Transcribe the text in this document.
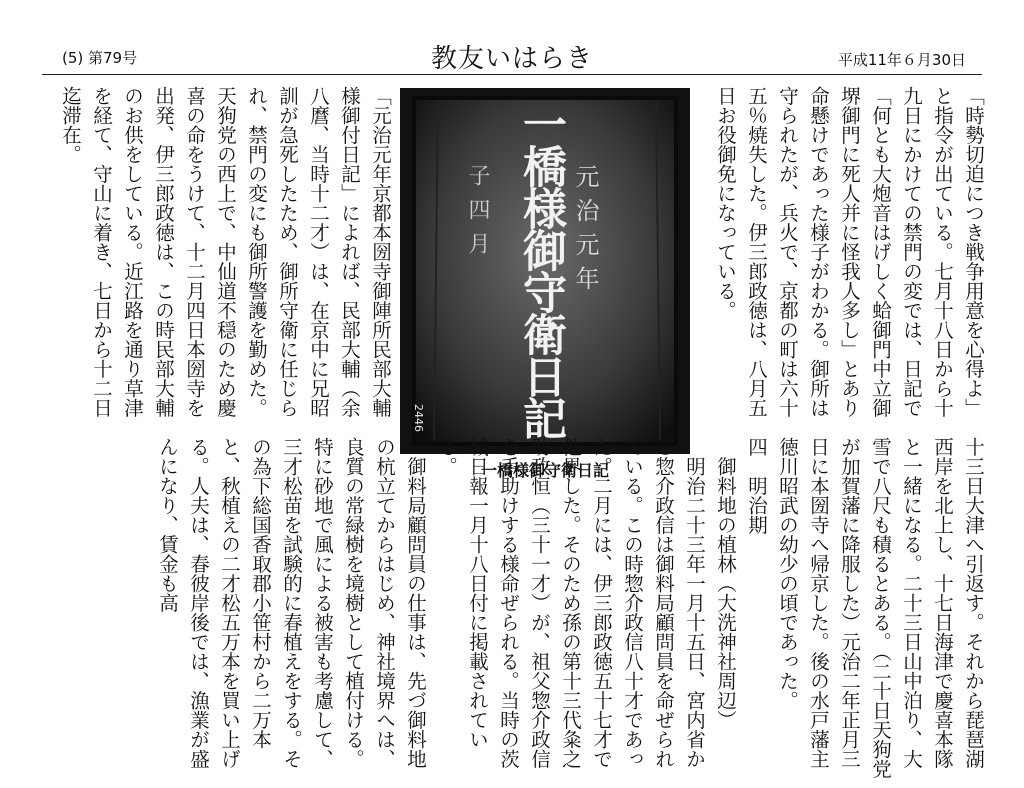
(5) 第79号	教友いはらき	平成11年６月30日
「時勢切迫につき戦争用意を心得よ」と指令が出ている。七月十八日から十九日にかけての禁門の変では、日記で「何とも大炮音はげしく蛤御門中立御堺御門に死人并に怪我人多し」とあり命懸けであった様子がわかる。御所は守られたが、兵火で、京都の町は六十五％焼失した。伊三郎政徳は、八月五日お役御免になっている。
「元治元年京都本圀寺御陣所民部大輔様御付日記」によれば、民部大輔（余八麿、当時十二才）は、在京中に兄昭訓が急死したため、御所守衛に任じられ、禁門の変にも御所警護を勤めた。天狗党の西上で、中仙道不穏のため慶喜の命をうけて、十二月四日本圀寺を出発、伊三郎政徳は、この時民部大輔のお供をしている。近江路を通り草津を経て、守山に着き、七日から十二日迄滞在。	一橋様御守衛日記 元治元年
子四月
2446
一橋様御守衛日記	十三日大津へ引返す。それから琵琶湖西岸を北上し、十七日海津で慶喜本隊と一緒になる。二十三日山中泊り、大雪で八尺も積るとある。（二十日天狗党が加賀藩に降服した）元治二年正月三日に本圀寺へ帰京した。後の水戸藩主徳川昭武の幼少の頃であった。
四　明治期
　御料地の植林（大洗神社周辺）
　明治二十三年一月十五日、宮内省から惣介政信は御料局顧問員を命ぜられている。この時惣介政信八十才であった。二月には、伊三郎政徳五十七才で他界した。そのため孫の第十三代粂之助政恒（三十一才）が、祖父惣介政信を手助けする様命ぜられる。当時の茨城日報一月十八日付に掲載されている。
　御料局顧問員の仕事は、先づ御料地の杭立てからはじめ、神社境界へは、良質の常緑樹を境樹として植付ける。特に砂地で風による被害も考慮して、三才松苗を試験的に春植えをする。その為下総国香取郡小笹村から二万本と、秋植えの二才松五万本を買い上げる。人夫は、春彼岸後では、漁業が盛んになり、賃金も高
